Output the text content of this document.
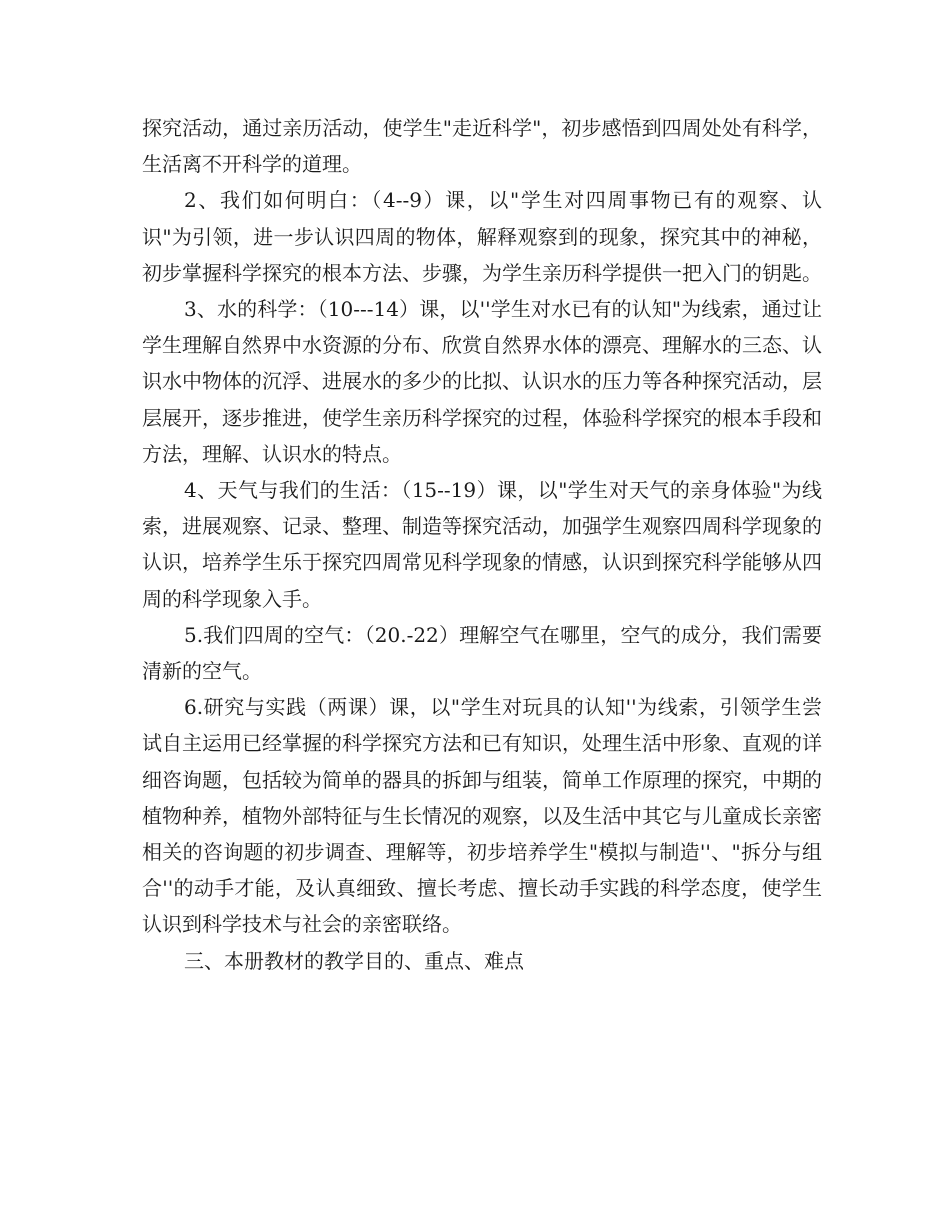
探究活动，通过亲历活动，使学生"走近科学"，初步感悟到四周处处有科学，生活离不开科学的道理。

2、我们如何明白：（4--9）课，以"学生对四周事物已有的观察、认识"为引领，进一步认识四周的物体，解释观察到的现象，探究其中的神秘，初步掌握科学探究的根本方法、步骤，为学生亲历科学提供一把入门的钥匙。

3、水的科学：（10---14）课，以''学生对水已有的认知"为线索，通过让学生理解自然界中水资源的分布、欣赏自然界水体的漂亮、理解水的三态、认识水中物体的沉浮、进展水的多少的比拟、认识水的压力等各种探究活动，层层展开，逐步推进，使学生亲历科学探究的过程，体验科学探究的根本手段和方法，理解、认识水的特点。

4、天气与我们的生活：（15--19）课，以"学生对天气的亲身体验"为线索，进展观察、记录、整理、制造等探究活动，加强学生观察四周科学现象的认识，培养学生乐于探究四周常见科学现象的情感，认识到探究科学能够从四周的科学现象入手。

5.我们四周的空气：（20.-22）理解空气在哪里，空气的成分，我们需要清新的空气。

6.研究与实践（两课）课，以"学生对玩具的认知''为线索，引领学生尝试自主运用已经掌握的科学探究方法和已有知识，处理生活中形象、直观的详细咨询题，包括较为简单的器具的拆卸与组装，简单工作原理的探究，中期的植物种养，植物外部特征与生长情况的观察，以及生活中其它与儿童成长亲密相关的咨询题的初步调查、理解等，初步培养学生"模拟与制造''、"拆分与组合''的动手才能，及认真细致、擅长考虑、擅长动手实践的科学态度，使学生认识到科学技术与社会的亲密联络。

三、本册教材的教学目的、重点、难点
